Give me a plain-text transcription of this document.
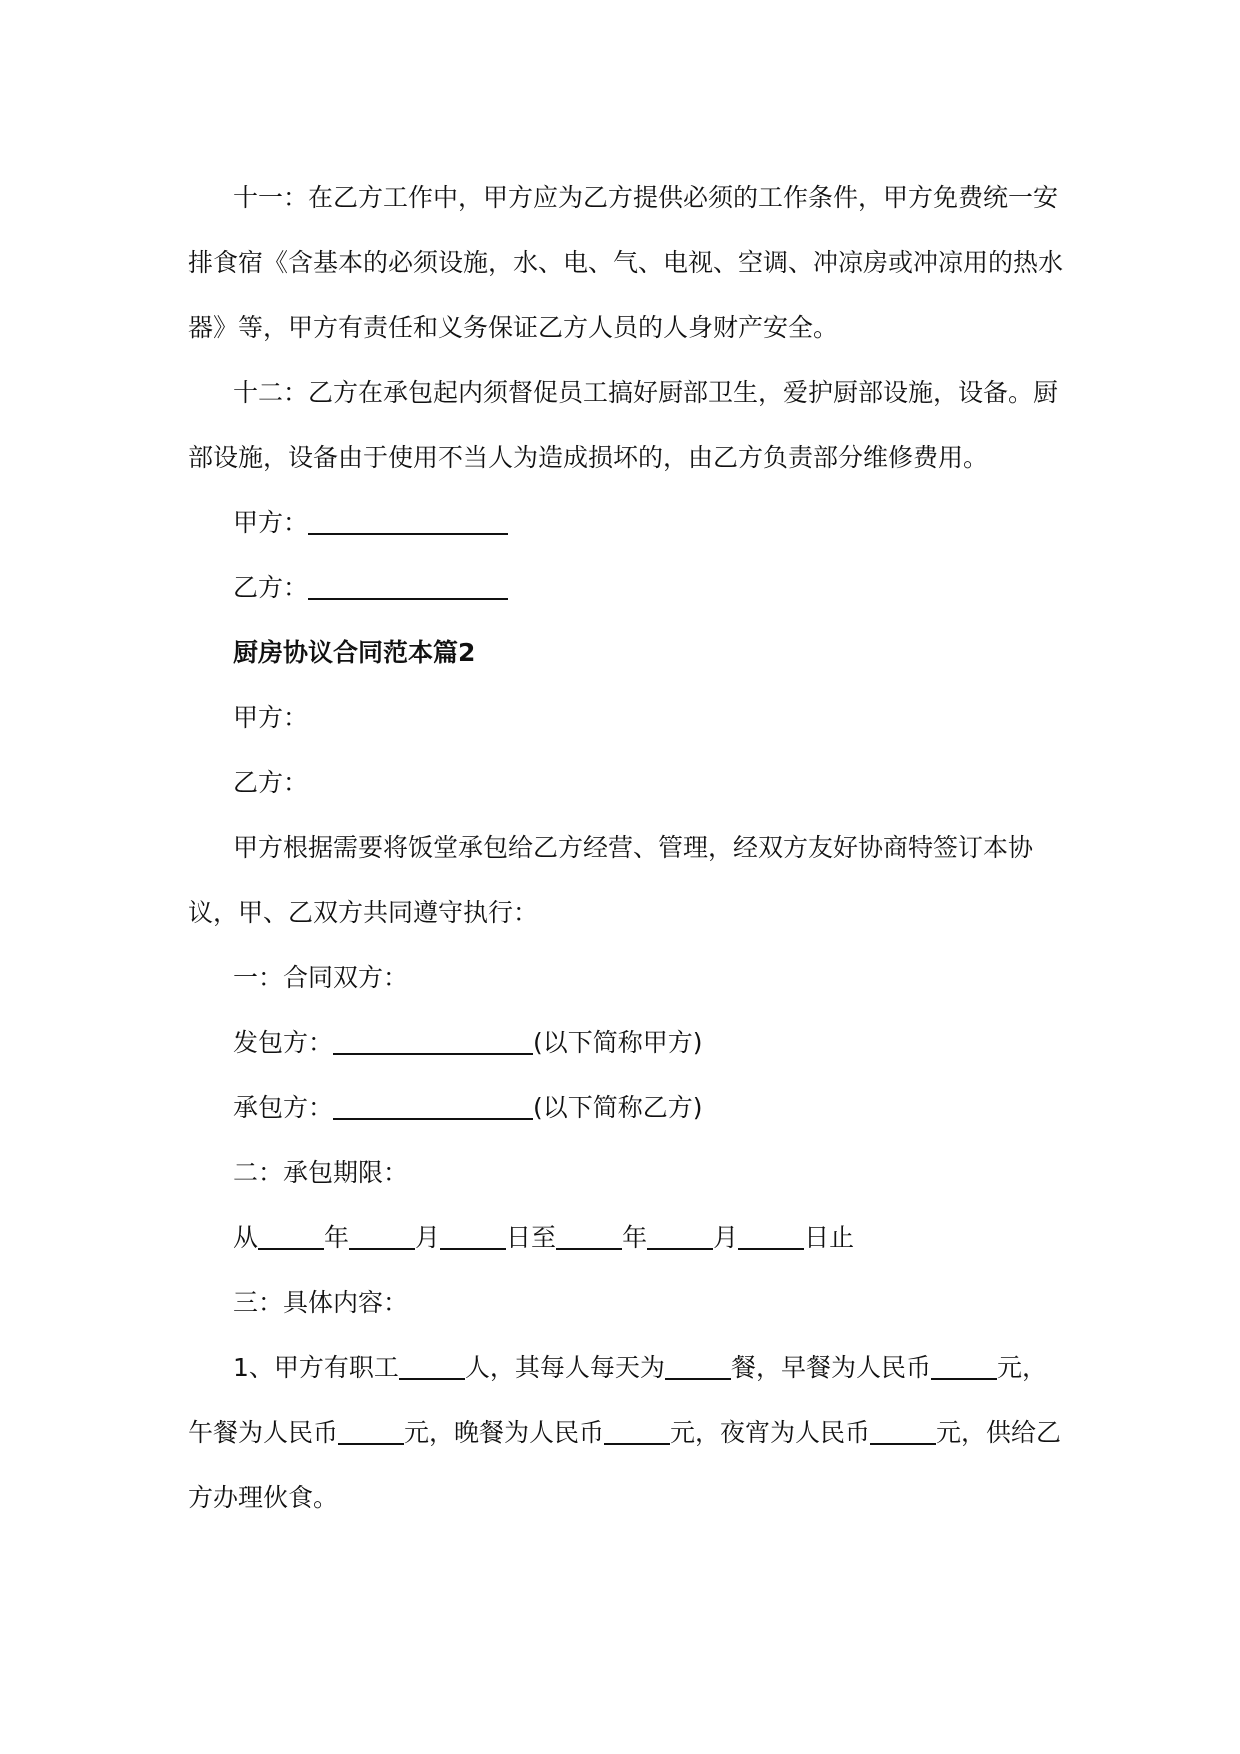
十一：在乙方工作中，甲方应为乙方提供必须的工作条件，甲方免费统一安排食宿《含基本的必须设施，水、电、气、电视、空调、冲凉房或冲凉用的热水器》等，甲方有责任和义务保证乙方人员的人身财产安全。

十二：乙方在承包起内须督促员工搞好厨部卫生，爱护厨部设施，设备。厨部设施，设备由于使用不当人为造成损坏的，由乙方负责部分维修费用。

甲方：

乙方：

厨房协议合同范本篇2

甲方：

乙方：

甲方根据需要将饭堂承包给乙方经营、管理，经双方友好协商特签订本协议，甲、乙双方共同遵守执行：

一：合同双方：

发包方：	(以下简称甲方)

承包方：	(以下简称乙方)

二：承包期限：

从	年	月	日至	年	月	日止

三：具体内容：

1、甲方有职工	人，其每人每天为	餐，早餐为人民币	元，午餐为人民币	元，晚餐为人民币	元，夜宵为人民币	元，供给乙方办理伙食。
